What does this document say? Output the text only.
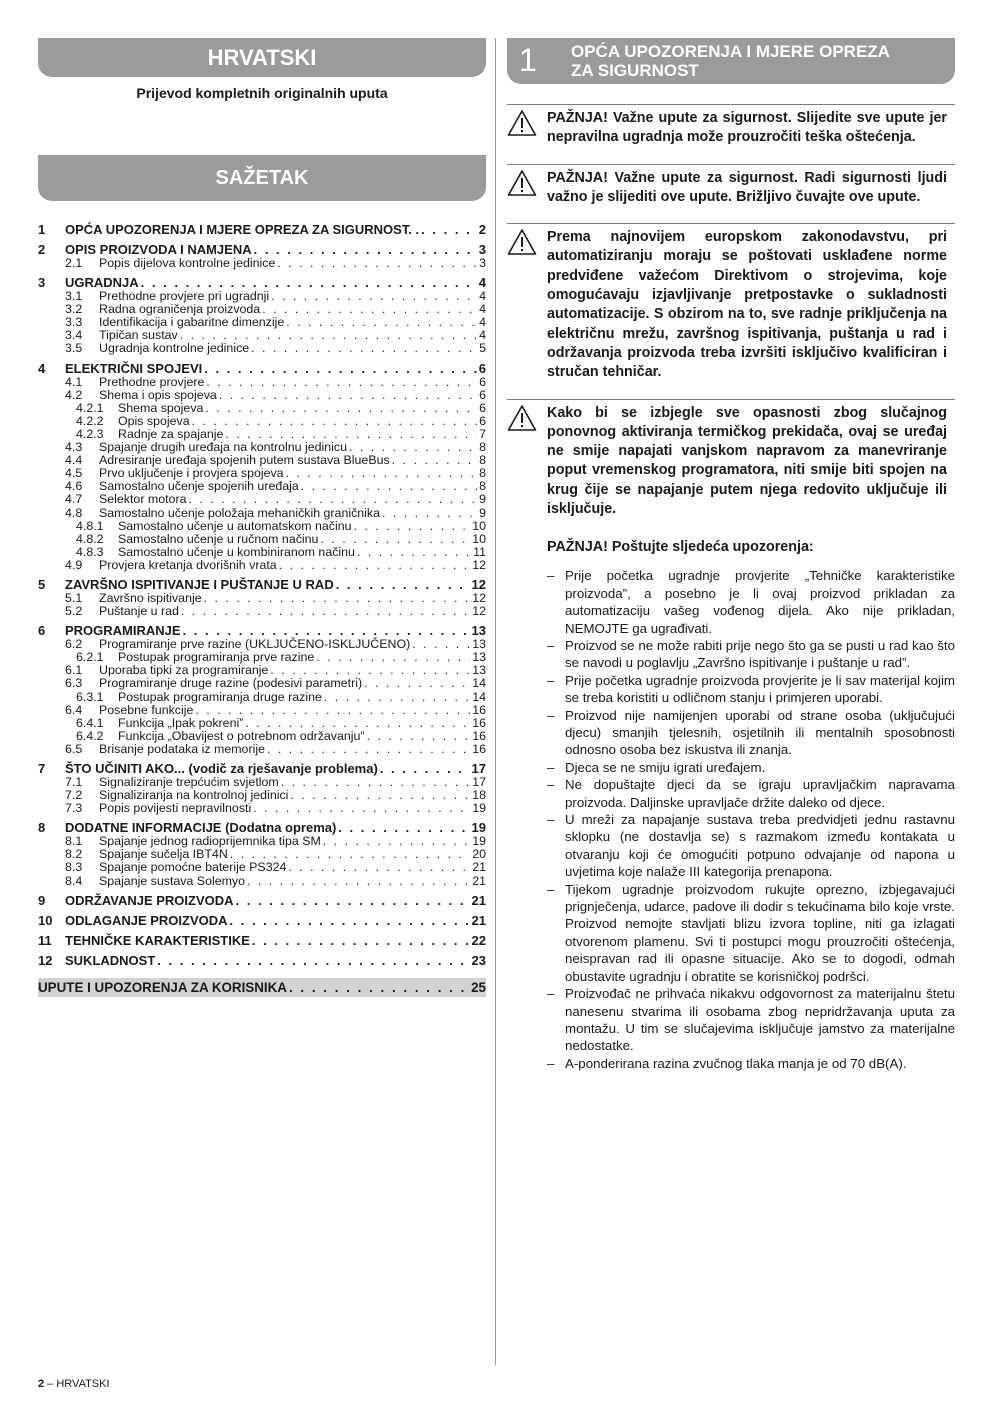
HRVATSKI
Prijevod kompletnih originalnih uputa
SAŽETAK
1	OPĆA UPOZORENJA I MJERE OPREZA ZA SIGURNOST. . . . .	2
2	OPIS PROIZVODA I NAMJENA . . .	3
2.1	Popis dijelova kontrolne jedinice . . .	3
3	UGRADNJA . . .	4
3.1	Prethodne provjere pri ugradnji . . .	4
3.2	Radna ograničenja proizvoda . . .	4
3.3	Identifikacija i gabaritne dimenzije . . .	4
3.4	Tipičan sustav . . .	4
3.5	Ugradnja kontrolne jedinice . . .	5
4	ELEKTRIČNI SPOJEVI . . .	6
4.1	Prethodne provjere . . .	6
4.2	Shema i opis spojeva . . .	6
4.2.1	Shema spojeva . . .	6
4.2.2	Opis spojeva . . .	6
4.2.3	Radnje za spajanje . . .	7
4.3	Spajanje drugih uređaja na kontrolnu jedinicu . . .	8
4.4	Adresiranje uređaja spojenih putem sustava BlueBus . . .	8
4.5	Prvo uključenje i provjera spojeva . . .	8
4.6	Samostalno učenje spojenih uređaja . . .	8
4.7	Selektor motora . . .	9
4.8	Samostalno učenje položaja mehaničkih graničnika . . .	9
4.8.1	Samostalno učenje u automatskom načinu . . .	10
4.8.2	Samostalno učenje u ručnom načinu . . .	10
4.8.3	Samostalno učenje u kombiniranom načinu . . .	11
4.9	Provjera kretanja dvorišnih vrata . . .	12
5	ZAVRŠNO ISPITIVANJE I PUŠTANJE U RAD . . .	12
5.1	Završno ispitivanje . . .	12
5.2	Puštanje u rad . . .	12
6	PROGRAMIRANJE . . .	13
6.2	Programiranje prve razine (UKLJUČENO-ISKLJUČENO) . . .	13
6.2.1	Postupak programiranja prve razine . . .	13
6.1	Uporaba tipki za programiranje . . .	13
6.3	Programiranje druge razine (podesivi parametri) . . .	14
6.3.1	Postupak programiranja druge razine . . .	14
6.4	Posebne funkcije . . .	16
6.4.1	Funkcija „Ipak pokreni” . . .	16
6.4.2	Funkcija „Obavijest o potrebnom održavanju” . . .	16
6.5	Brisanje podataka iz memorije . . .	16
7	ŠTO UČINITI AKO... (vodič za rješavanje problema) . . .	17
7.1	Signaliziranje trepćućim svjetlom . . .	17
7.2	Signaliziranja na kontrolnoj jedinici . . .	18
7.3	Popis povijesti nepravilnosti . . .	19
8	DODATNE INFORMACIJE (Dodatna oprema) . . .	19
8.1	Spajanje jednog radioprijemnika tipa SM . . .	19
8.2	Spajanje sučelja IBT4N . . .	20
8.3	Spajanje pomoćne baterije PS324 . . .	21
8.4	Spajanje sustava Solemyo . . .	21
9	ODRŽAVANJE PROIZVODA . . .	21
10 ODLAGANJE PROIZVODA . . .	21
11	TEHNIČKE KARAKTERISTIKE . . .	22
12 SUKLADNOST . . .	23
UPUTE I UPOZORENJA ZA KORISNIKA . . .	25
1 OPĆA UPOZORENJA I MJERE OPREZA
ZA SIGURNOST
PAŽNJA! Važne upute za sigurnost. Slijedite sve upute jer nepravilna ugradnja može prouzročiti teška oštećenja.
PAŽNJA! Važne upute za sigurnost. Radi sigurnosti ljudi važno je slijediti ove upute. Brižljivo čuvajte ove upute.
Prema najnovijem europskom zakonodavstvu, pri automatiziranju moraju se poštovati usklađene norme predviđene važećom Direktivom o strojevima, koje omogućavaju izjavljivanje pretpostavke o sukladnosti automatizacije. S obzirom na to, sve radnje priključenja na električnu mrežu, završnog ispitivanja, puštanja u rad i održavanja proizvoda treba izvršiti isključivo kvalificiran i stručan tehničar.
Kako bi se izbjegle sve opasnosti zbog slučajnog ponovnog aktiviranja termičkog prekidača, ovaj se uređaj ne smije napajati vanjskom napravom za manevriranje poput vremenskog programatora, niti smije biti spojen na krug čije se napajanje putem njega redovito uključuje ili isključuje.
PAŽNJA! Poštujte sljedeća upozorenja:
– Prije početka ugradnje provjerite „Tehničke karakteristike proizvoda”, a posebno je li ovaj proizvod prikladan za automatizaciju vašeg vođenog dijela. Ako nije prikladan, NEMOJTE ga ugrađivati.
– Proizvod se ne može rabiti prije nego što ga se pusti u rad kao što se navodi u poglavlju „Završno ispitivanje i puštanje u rad”.
– Prije početka ugradnje proizvoda provjerite je li sav materijal kojim se treba koristiti u odličnom stanju i primjeren uporabi.
– Proizvod nije namijenjen uporabi od strane osoba (uključujući djecu) smanjih tjelesnih, osjetilnih ili mentalnih sposobnosti odnosno osoba bez iskustva ili znanja.
– Djeca se ne smiju igrati uređajem.
– Ne dopuštajte djeci da se igraju upravljačkim napravama proizvoda. Daljinske upravljače držite daleko od djece.
– U mreži za napajanje sustava treba predvidjeti jednu rastavnu sklopku (ne dostavlja se) s razmakom između kontakata u otvaranju koji će omogućiti potpuno odvajanje od napona u uvjetima koje nalaže III kategorija prenapona.
– Tijekom ugradnje proizvodom rukujte oprezno, izbjegavajući prignječenja, udarce, padove ili dodir s tekućinama bilo koje vrste. Proizvod nemojte stavljati blizu izvora topline, niti ga izlagati otvorenom plamenu. Svi ti postupci mogu prouzročiti oštećenja, neispravan rad ili opasne situacije. Ako se to dogodi, odmah obustavite ugradnju i obratite se korisničkoj podršci.
– Proizvođač ne prihvaća nikakvu odgovornost za materijalnu štetu nanesenu stvarima ili osobama zbog nepridržavanja uputa za montažu. U tim se slučajevima isključuje jamstvo za materijalne nedostatke.
– A-ponderirana razina zvučnog tlaka manja je od 70 dB(A).
2 – HRVATSKI
